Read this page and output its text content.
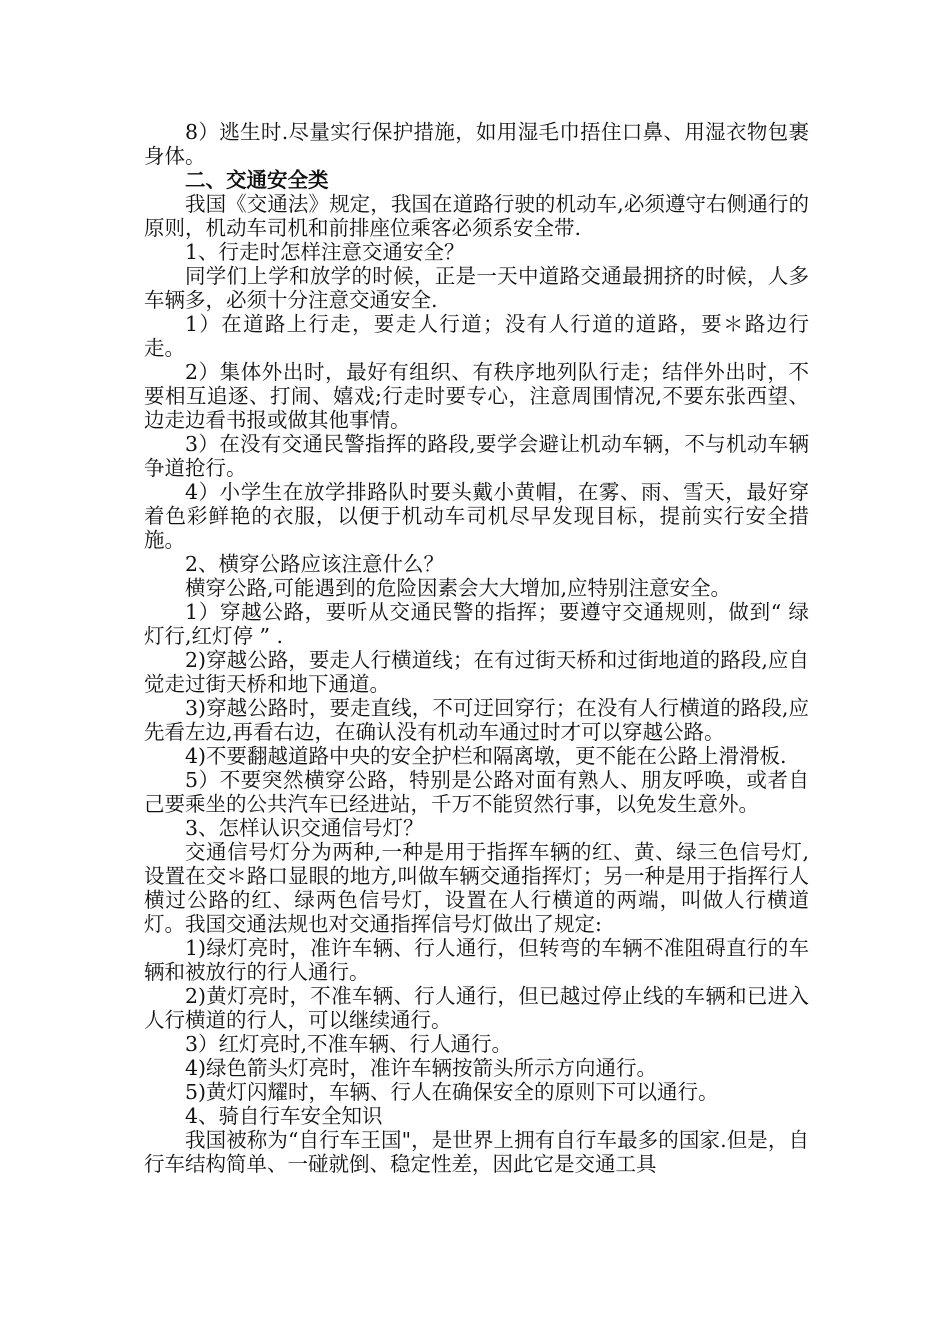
8）逃生时.尽量实行保护措施，如用湿毛巾捂住口鼻、用湿衣物包裹身体。

二、交通安全类

我国《交通法》规定，我国在道路行驶的机动车,必须遵守右侧通行的原则，机动车司机和前排座位乘客必须系安全带.

1、行走时怎样注意交通安全？

同学们上学和放学的时候，正是一天中道路交通最拥挤的时候，人多车辆多，必须十分注意交通安全.

1）在道路上行走，要走人行道；没有人行道的道路，要＊路边行走。

2）集体外出时，最好有组织、有秩序地列队行走；结伴外出时，不要相互追逐、打闹、嬉戏;行走时要专心，注意周围情况,不要东张西望、边走边看书报或做其他事情。

3）在没有交通民警指挥的路段,要学会避让机动车辆，不与机动车辆争道抢行。

4）小学生在放学排路队时要头戴小黄帽，在雾、雨、雪天，最好穿着色彩鲜艳的衣服，以便于机动车司机尽早发现目标，提前实行安全措施。

2、横穿公路应该注意什么？

横穿公路,可能遇到的危险因素会大大增加,应特别注意安全。

1）穿越公路，要听从交通民警的指挥；要遵守交通规则，做到“ 绿灯行,红灯停 ” .

2)穿越公路，要走人行横道线；在有过街天桥和过街地道的路段,应自觉走过街天桥和地下通道。

3)穿越公路时，要走直线，不可迂回穿行；在没有人行横道的路段,应先看左边,再看右边，在确认没有机动车通过时才可以穿越公路。

4)不要翻越道路中央的安全护栏和隔离墩，更不能在公路上滑滑板.

5）不要突然横穿公路，特别是公路对面有熟人、朋友呼唤，或者自己要乘坐的公共汽车已经进站，千万不能贸然行事，以免发生意外。

3、怎样认识交通信号灯？

交通信号灯分为两种,一种是用于指挥车辆的红、黄、绿三色信号灯,设置在交＊路口显眼的地方,叫做车辆交通指挥灯；另一种是用于指挥行人横过公路的红、绿两色信号灯，设置在人行横道的两端，叫做人行横道灯。我国交通法规也对交通指挥信号灯做出了规定:

1)绿灯亮时，准许车辆、行人通行，但转弯的车辆不准阻碍直行的车辆和被放行的行人通行。

2)黄灯亮时，不准车辆、行人通行，但已越过停止线的车辆和已进入人行横道的行人，可以继续通行。

3）红灯亮时,不准车辆、行人通行。

4)绿色箭头灯亮时，准许车辆按箭头所示方向通行。

5)黄灯闪耀时，车辆、行人在确保安全的原则下可以通行。

4、骑自行车安全知识

我国被称为“自行车王国"，是世界上拥有自行车最多的国家.但是，自行车结构简单、一碰就倒、稳定性差，因此它是交通工具
